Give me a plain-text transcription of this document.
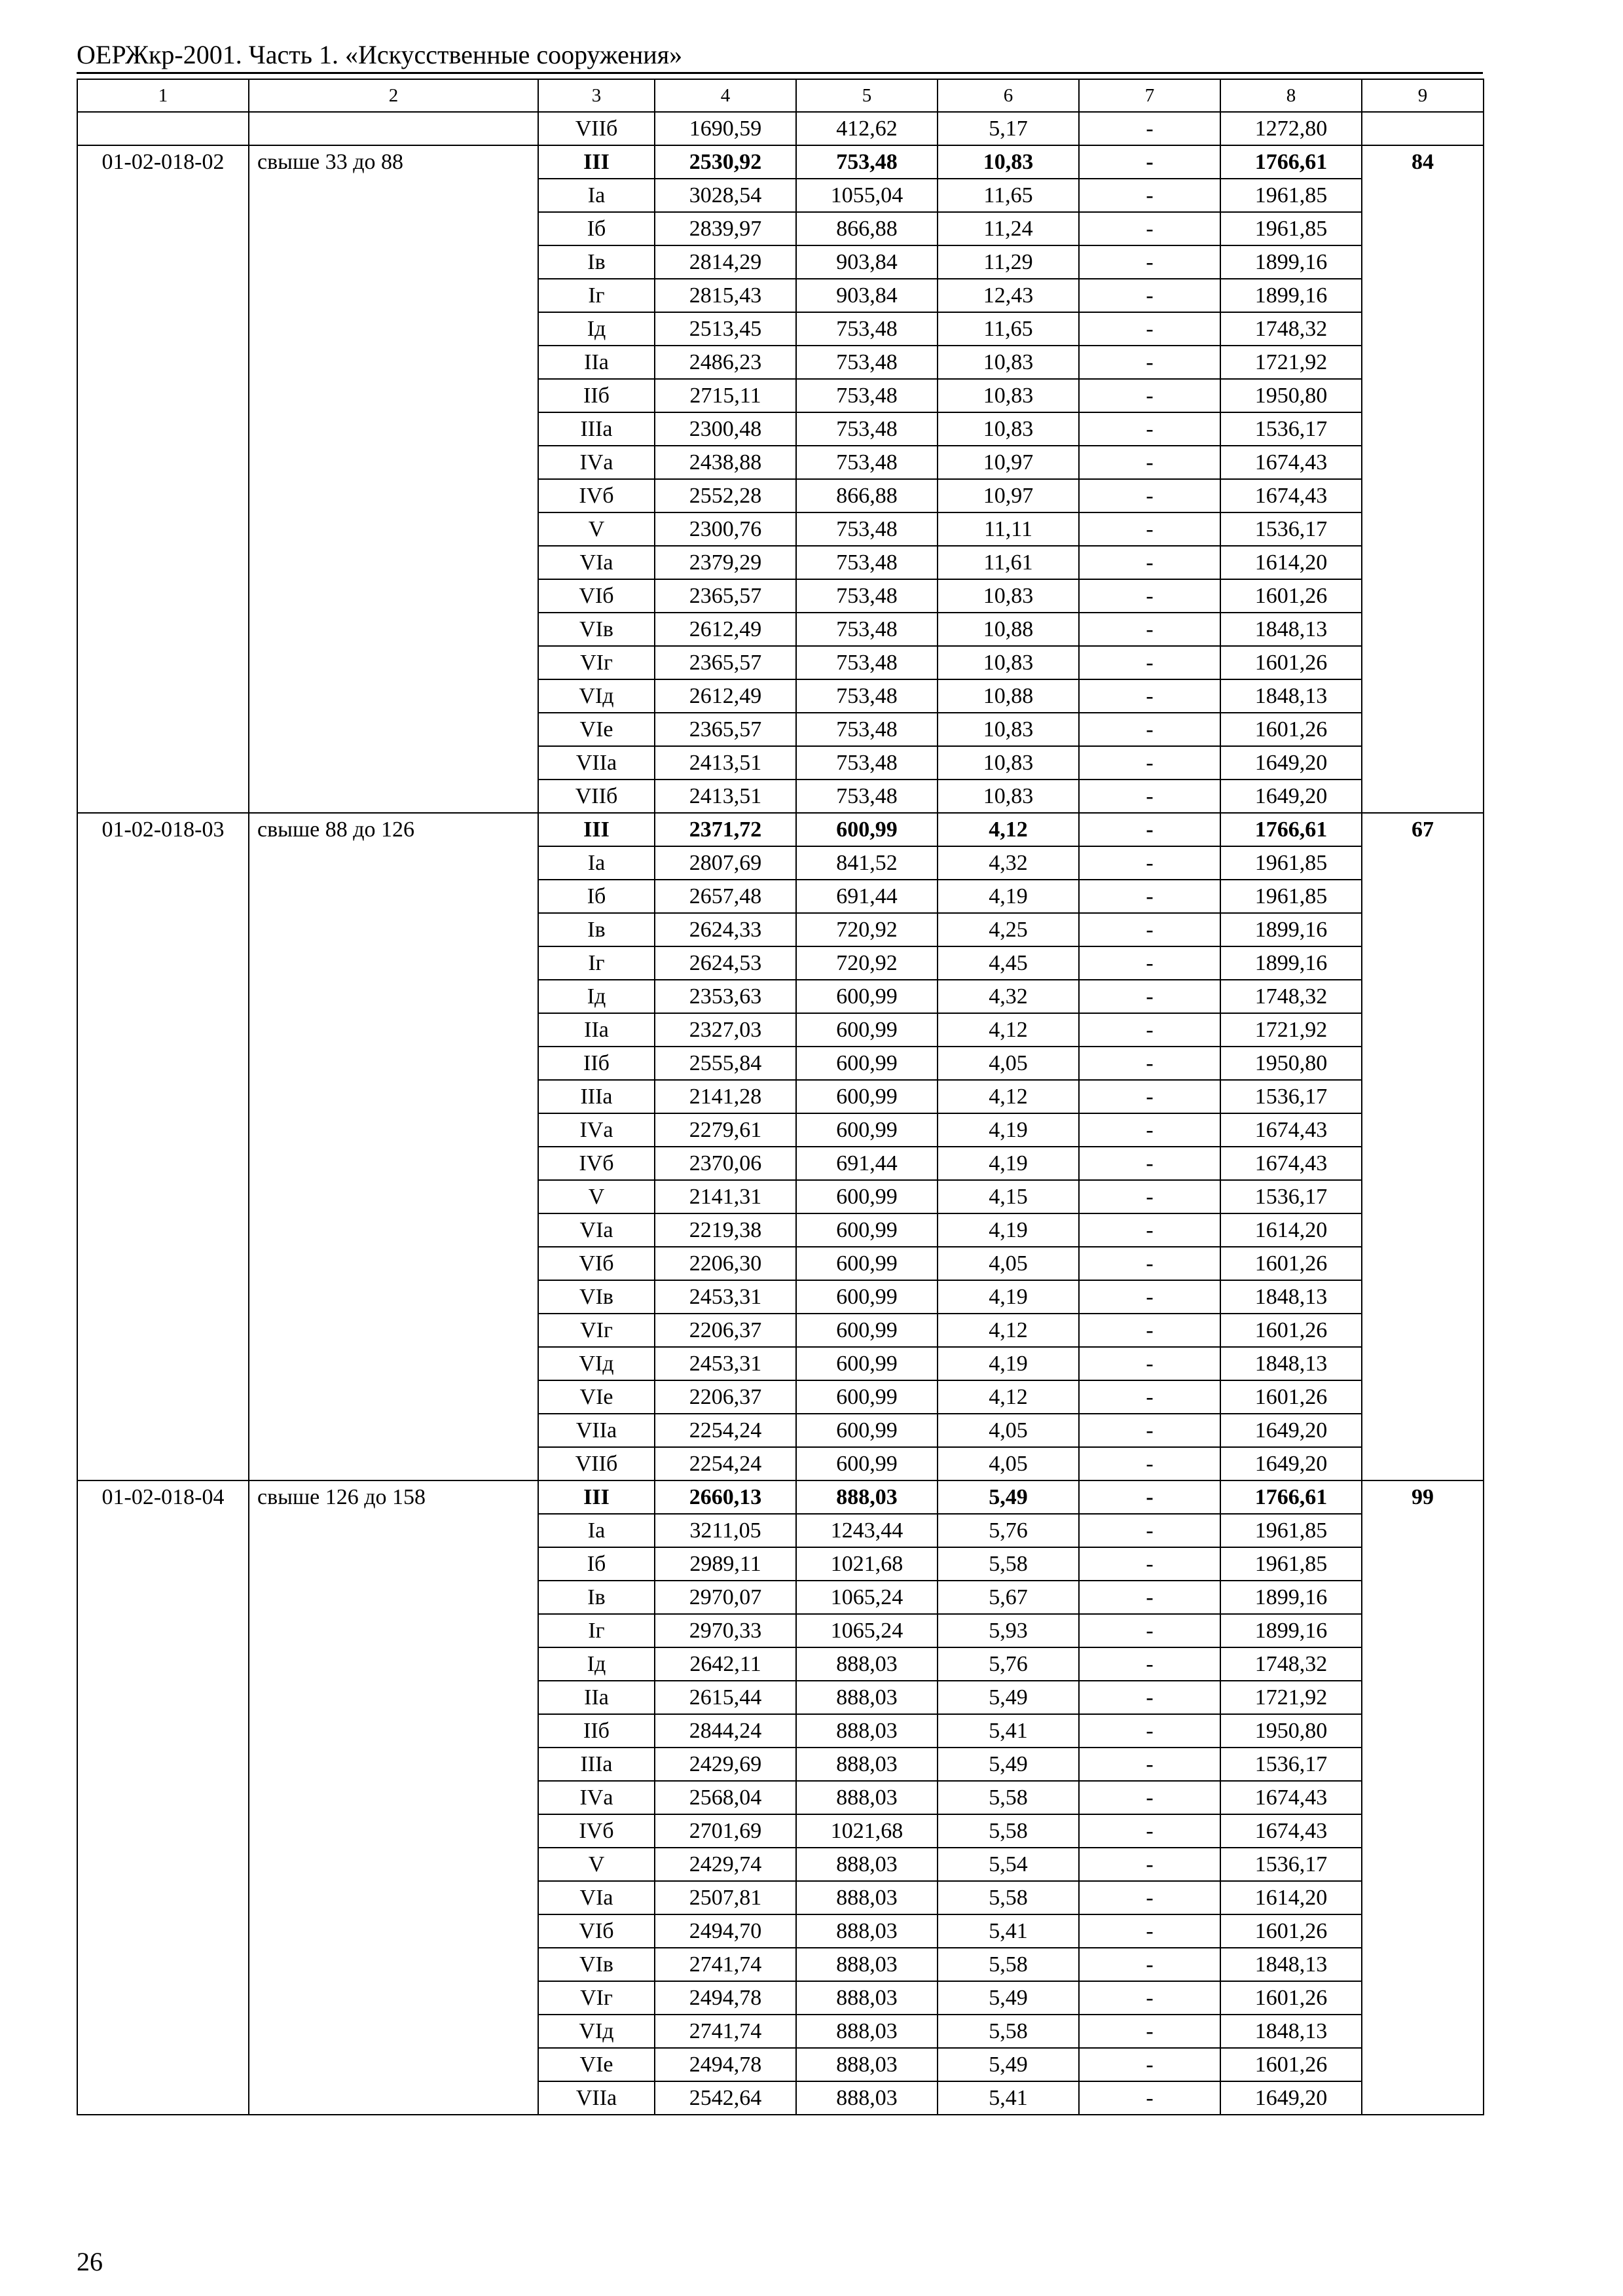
ОЕРЖкр-2001. Часть 1. «Искусственные сооружения»
1	2	3	4	5	6	7	8	9
		VIIб	1690,59	412,62	5,17	-	1272,80	
01-02-018-02	свыше 33 до 88	III	2530,92	753,48	10,83	-	1766,61	84
		Iа	3028,54	1055,04	11,65	-	1961,85	
		Iб	2839,97	866,88	11,24	-	1961,85	
		Iв	2814,29	903,84	11,29	-	1899,16	
		Iг	2815,43	903,84	12,43	-	1899,16	
		Iд	2513,45	753,48	11,65	-	1748,32	
		IIа	2486,23	753,48	10,83	-	1721,92	
		IIб	2715,11	753,48	10,83	-	1950,80	
		IIIа	2300,48	753,48	10,83	-	1536,17	
		IVа	2438,88	753,48	10,97	-	1674,43	
		IVб	2552,28	866,88	10,97	-	1674,43	
		V	2300,76	753,48	11,11	-	1536,17	
		VIа	2379,29	753,48	11,61	-	1614,20	
		VIб	2365,57	753,48	10,83	-	1601,26	
		VIв	2612,49	753,48	10,88	-	1848,13	
		VIг	2365,57	753,48	10,83	-	1601,26	
		VIд	2612,49	753,48	10,88	-	1848,13	
		VIе	2365,57	753,48	10,83	-	1601,26	
		VIIа	2413,51	753,48	10,83	-	1649,20	
		VIIб	2413,51	753,48	10,83	-	1649,20	
01-02-018-03	свыше 88 до 126	III	2371,72	600,99	4,12	-	1766,61	67
		Iа	2807,69	841,52	4,32	-	1961,85	
		Iб	2657,48	691,44	4,19	-	1961,85	
		Iв	2624,33	720,92	4,25	-	1899,16	
		Iг	2624,53	720,92	4,45	-	1899,16	
		Iд	2353,63	600,99	4,32	-	1748,32	
		IIа	2327,03	600,99	4,12	-	1721,92	
		IIб	2555,84	600,99	4,05	-	1950,80	
		IIIа	2141,28	600,99	4,12	-	1536,17	
		IVа	2279,61	600,99	4,19	-	1674,43	
		IVб	2370,06	691,44	4,19	-	1674,43	
		V	2141,31	600,99	4,15	-	1536,17	
		VIа	2219,38	600,99	4,19	-	1614,20	
		VIб	2206,30	600,99	4,05	-	1601,26	
		VIв	2453,31	600,99	4,19	-	1848,13	
		VIг	2206,37	600,99	4,12	-	1601,26	
		VIд	2453,31	600,99	4,19	-	1848,13	
		VIе	2206,37	600,99	4,12	-	1601,26	
		VIIа	2254,24	600,99	4,05	-	1649,20	
		VIIб	2254,24	600,99	4,05	-	1649,20	
01-02-018-04	свыше 126 до 158	III	2660,13	888,03	5,49	-	1766,61	99
		Iа	3211,05	1243,44	5,76	-	1961,85	
		Iб	2989,11	1021,68	5,58	-	1961,85	
		Iв	2970,07	1065,24	5,67	-	1899,16	
		Iг	2970,33	1065,24	5,93	-	1899,16	
		Iд	2642,11	888,03	5,76	-	1748,32	
		IIа	2615,44	888,03	5,49	-	1721,92	
		IIб	2844,24	888,03	5,41	-	1950,80	
		IIIа	2429,69	888,03	5,49	-	1536,17	
		IVа	2568,04	888,03	5,58	-	1674,43	
		IVб	2701,69	1021,68	5,58	-	1674,43	
		V	2429,74	888,03	5,54	-	1536,17	
		VIа	2507,81	888,03	5,58	-	1614,20	
		VIб	2494,70	888,03	5,41	-	1601,26	
		VIв	2741,74	888,03	5,58	-	1848,13	
		VIг	2494,78	888,03	5,49	-	1601,26	
		VIд	2741,74	888,03	5,58	-	1848,13	
		VIе	2494,78	888,03	5,49	-	1601,26	
		VIIа	2542,64	888,03	5,41	-	1649,20	
26
